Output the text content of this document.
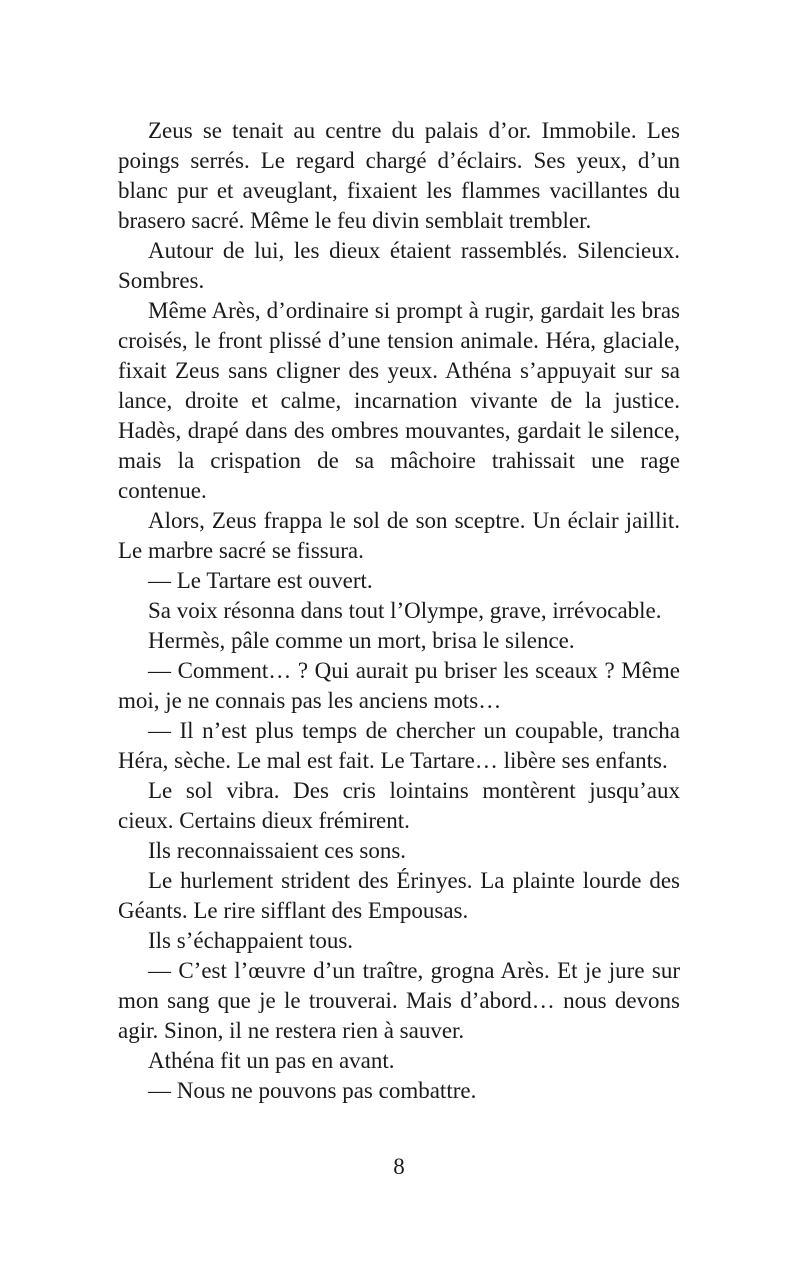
Zeus se tenait au centre du palais d’or. Immobile. Les poings serrés. Le regard chargé d’éclairs. Ses yeux, d’un blanc pur et aveuglant, fixaient les flammes vacillantes du brasero sacré. Même le feu divin semblait trembler.

Autour de lui, les dieux étaient rassemblés. Silencieux. Sombres.

Même Arès, d’ordinaire si prompt à rugir, gardait les bras croisés, le front plissé d’une tension animale. Héra, glaciale, fixait Zeus sans cligner des yeux. Athéna s’appuyait sur sa lance, droite et calme, incarnation vivante de la justice. Hadès, drapé dans des ombres mouvantes, gardait le silence, mais la crispation de sa mâchoire trahissait une rage contenue.

Alors, Zeus frappa le sol de son sceptre. Un éclair jaillit. Le marbre sacré se fissura.

— Le Tartare est ouvert.

Sa voix résonna dans tout l’Olympe, grave, irrévocable.

Hermès, pâle comme un mort, brisa le silence.

— Comment… ? Qui aurait pu briser les sceaux ? Même moi, je ne connais pas les anciens mots…

— Il n’est plus temps de chercher un coupable, trancha Héra, sèche. Le mal est fait. Le Tartare… libère ses enfants.

Le sol vibra. Des cris lointains montèrent jusqu’aux cieux. Certains dieux frémirent.

Ils reconnaissaient ces sons.

Le hurlement strident des Érinyes. La plainte lourde des Géants. Le rire sifflant des Empousas.

Ils s’échappaient tous.

— C’est l’œuvre d’un traître, grogna Arès. Et je jure sur mon sang que je le trouverai. Mais d’abord… nous devons agir. Sinon, il ne restera rien à sauver.

Athéna fit un pas en avant.

— Nous ne pouvons pas combattre.

8
